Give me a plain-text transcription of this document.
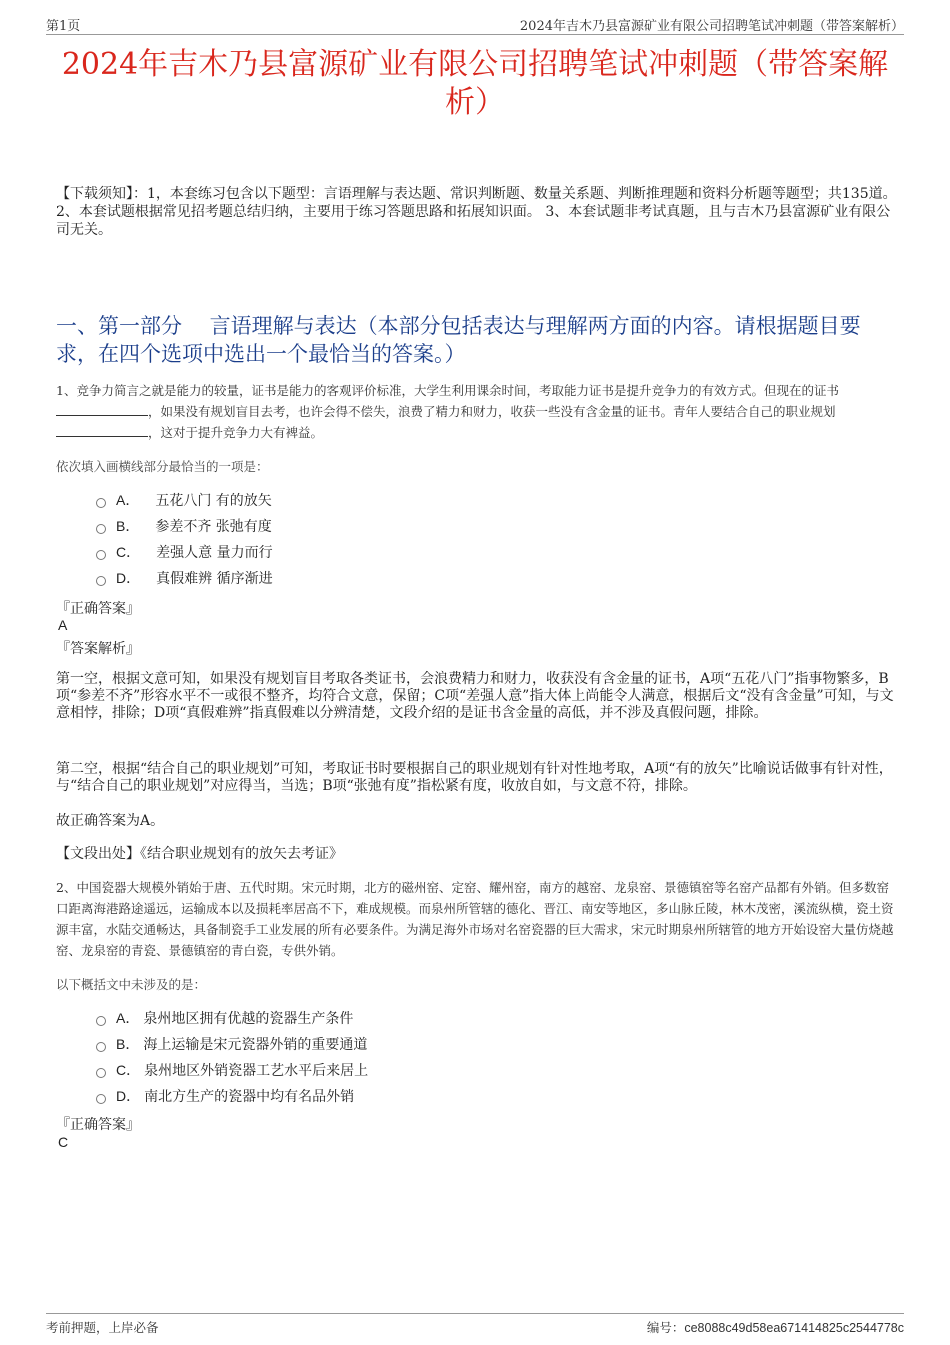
第1页	2024年吉木乃县富源矿业有限公司招聘笔试冲刺题（带答案解析）
2024年吉木乃县富源矿业有限公司招聘笔试冲刺题（带答案解析）
【下载须知】：1，本套练习包含以下题型：言语理解与表达题、常识判断题、数量关系题、判断推理题和资料分析题等题型；共135道。 2、本套试题根据常见招考题总结归纳，主要用于练习答题思路和拓展知识面。 3、本套试题非考试真题，且与吉木乃县富源矿业有限公司无关。
一、第一部分　 言语理解与表达（本部分包括表达与理解两方面的内容。请根据题目要求，在四个选项中选出一个最恰当的答案。）
1、竞争力简言之就是能力的较量，证书是能力的客观评价标准，大学生利用课余时间，考取能力证书是提升竞争力的有效方式。但现在的证书，如果没有规划盲目去考，也许会得不偿失，浪费了精力和财力，收获一些没有含金量的证书。青年人要结合自己的职业规划，这对于提升竞争力大有裨益。
依次填入画横线部分最恰当的一项是：
A． 五花八门 有的放矢
B． 参差不齐 张弛有度
C． 差强人意 量力而行
D． 真假难辨 循序渐进
『正确答案』
A
『答案解析』

第一空，根据文意可知，如果没有规划盲目考取各类证书，会浪费精力和财力，收获没有含金量的证书，A项“五花八门”指事物繁多，B项“参差不齐”形容水平不一或很不整齐，均符合文意，保留；C项“差强人意”指大体上尚能令人满意，根据后文“没有含金量”可知，与文意相悖，排除；D项“真假难辨”指真假难以分辨清楚，文段介绍的是证书含金量的高低，并不涉及真假问题，排除。

第二空，根据“结合自己的职业规划”可知，考取证书时要根据自己的职业规划有针对性地考取，A项“有的放矢”比喻说话做事有针对性，与“结合自己的职业规划”对应得当，当选；B项“张弛有度”指松紧有度，收放自如，与文意不符，排除。

故正确答案为A。

【文段出处】《结合职业规划有的放矢去考证》

2、中国瓷器大规模外销始于唐、五代时期。宋元时期，北方的磁州窑、定窑、耀州窑，南方的越窑、龙泉窑、景德镇窑等名窑产品都有外销。但多数窑口距离海港路途遥远，运输成本以及损耗率居高不下，难成规模。而泉州所管辖的德化、晋江、南安等地区，多山脉丘陵，林木茂密，溪流纵横，瓷土资源丰富，水陆交通畅达，具备制瓷手工业发展的所有必要条件。为满足海外市场对名窑瓷器的巨大需求，宋元时期泉州所辖管的地方开始设窑大量仿烧越窑、龙泉窑的青瓷、景德镇窑的青白瓷，专供外销。
以下概括文中未涉及的是：
A． 泉州地区拥有优越的瓷器生产条件
B． 海上运输是宋元瓷器外销的重要通道
C． 泉州地区外销瓷器工艺水平后来居上
D． 南北方生产的瓷器中均有名品外销
『正确答案』
C
考前押题，上岸必备	编号：ce8088c49d58ea671414825c2544778c
